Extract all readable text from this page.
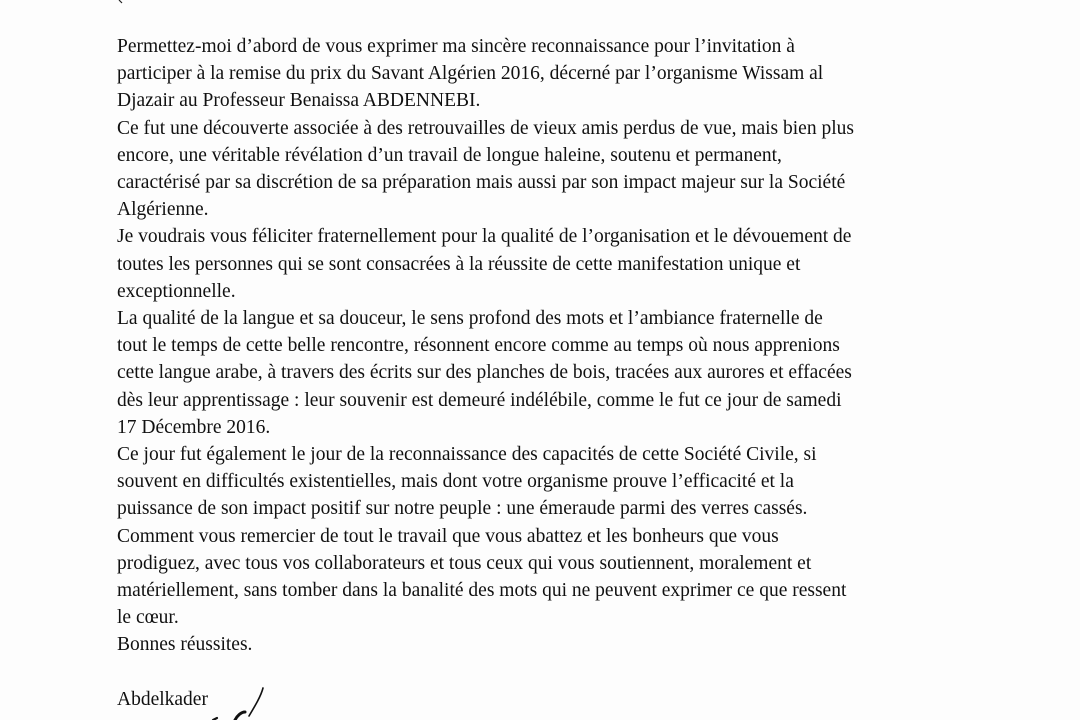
Permettez-moi d’abord de vous exprimer ma sincère reconnaissance pour l’invitation à
participer à la remise du prix du Savant Algérien 2016, décerné par l’organisme Wissam al
Djazair au Professeur Benaissa ABDENNEBI.

Ce fut une découverte associée à des retrouvailles de vieux amis perdus de vue, mais bien plus
encore, une véritable révélation d’un travail de longue haleine, soutenu et permanent,
caractérisé par sa discrétion de sa préparation mais aussi par son impact majeur sur la Société
Algérienne.

Je voudrais vous féliciter fraternellement pour la qualité de l’organisation et le dévouement de
toutes les personnes qui se sont consacrées à la réussite de cette manifestation unique et
exceptionnelle.

La qualité de la langue et sa douceur, le sens profond des mots et l’ambiance fraternelle de
tout le temps de cette belle rencontre, résonnent encore comme au temps où nous apprenions
cette langue arabe, à travers des écrits sur des planches de bois, tracées aux aurores et effacées
dès leur apprentissage : leur souvenir est demeuré indélébile, comme le fut ce jour de samedi
17 Décembre 2016.

Ce jour fut également le jour de la reconnaissance des capacités de cette Société Civile, si
souvent en difficultés existentielles, mais dont votre organisme prouve l’efficacité et la
puissance de son impact positif sur notre peuple : une émeraude parmi des verres cassés.

Comment vous remercier de tout le travail que vous abattez et les bonheurs que vous
prodiguez, avec tous vos collaborateurs et tous ceux qui vous soutiennent, moralement et
matériellement, sans tomber dans la banalité des mots qui ne peuvent exprimer ce que ressent
le cœur.

Bonnes réussites.

Abdelkader
